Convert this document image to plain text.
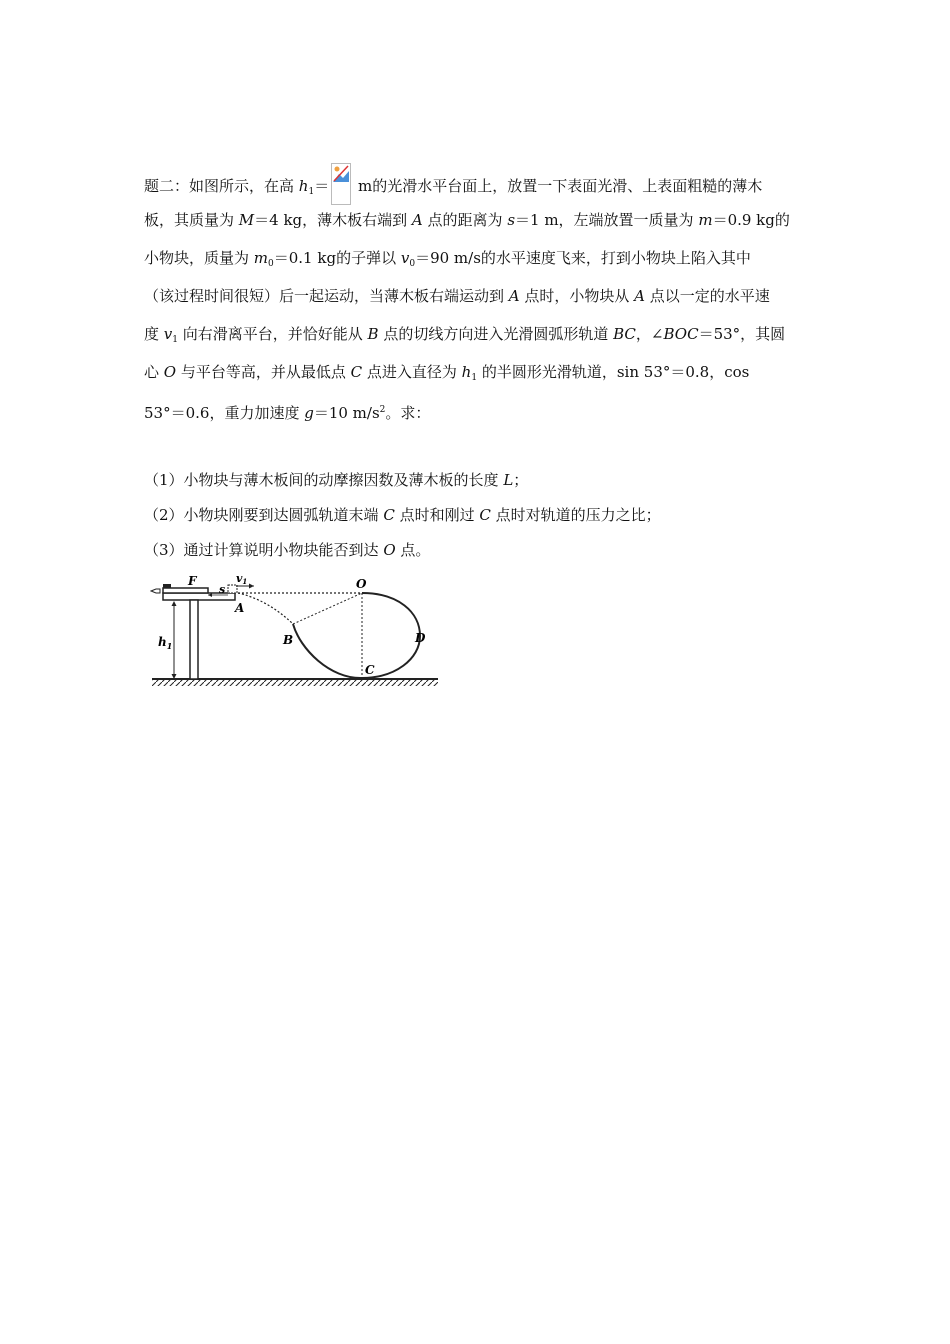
题二：如图所示，在高 $h_1= m$的光滑水平台面上，放置一下表面光滑、上表面粗糙的薄木
板，其质量为 M＝4 kg，薄木板右端到 A 点的距离为 s＝1 m，左端放置一质量为 m＝0.9 kg的
小物块，质量为 $m_0=0.1$ kg的子弹以 $v_0=90$ m/s的水平速度飞来，打到小物块上陷入其中
（该过程时间很短）后一起运动，当薄木板右端运动到 A 点时，小物块从 A 点以一定的水平速
度 $v_1$ 向右滑离平台，并恰好能从 B 点的切线方向进入光滑圆弧形轨道 BC，∠BOC＝53°，其圆
心 O 与平台等高，并从最低点 C 点进入直径为 $h_1$ 的半圆形光滑轨道，sin 53°＝0.8，cos
53°＝0.6，重力加速度 g＝10 $m/s^2$。求：
（1）小物块与薄木板间的动摩擦因数及薄木板的长度 L；
（2）小物块刚要到达圆弧轨道末端 C 点时和刚过 C 点时对轨道的压力之比；
（3）通过计算说明小物块能否到达 O 点。
F
s
v1
A
O
B
C
D
$h_1$
